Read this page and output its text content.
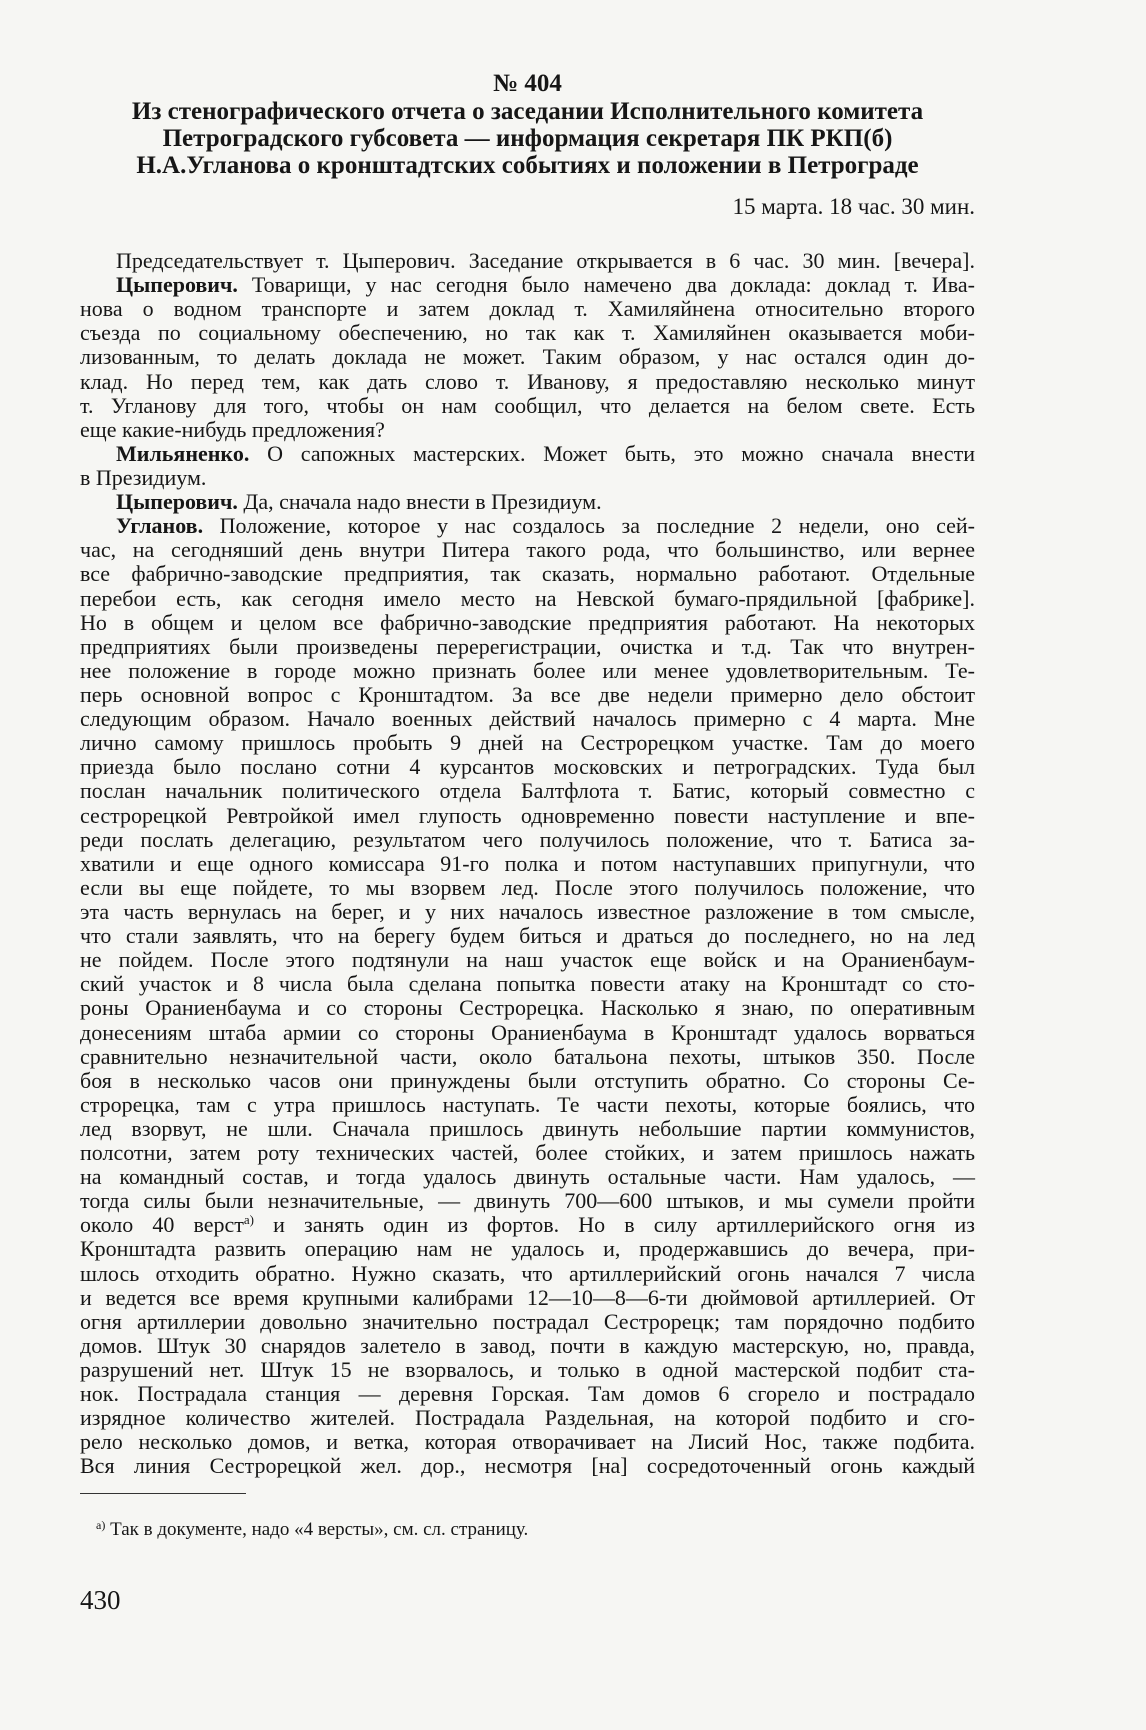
№ 404
Из стенографического отчета о заседании Исполнительного комитета
Петроградского губсовета — информация секретаря ПК РКП(б)
Н.А.Угланова о кронштадтских событиях и положении в Петрограде
15 марта. 18 час. 30 мин.
Председательствует т. Цыперович. Заседание открывается в 6 час. 30 мин. [вечера].
Цыперович. Товарищи, у нас сегодня было намечено два доклада: доклад т. Ива-
нова о водном транспорте и затем доклад т. Хамиляйнена относительно второго
съезда по социальному обеспечению, но так как т. Хамиляйнен оказывается моби-
лизованным, то делать доклада не может. Таким образом, у нас остался один до-
клад. Но перед тем, как дать слово т. Иванову, я предоставляю несколько минут
т. Угланову для того, чтобы он нам сообщил, что делается на белом свете. Есть
еще какие-нибудь предложения?
Мильяненко. О сапожных мастерских. Может быть, это можно сначала внести
в Президиум.
Цыперович. Да, сначала надо внести в Президиум.
Угланов. Положение, которое у нас создалось за последние 2 недели, оно сей-
час, на сегодняший день внутри Питера такого рода, что большинство, или вернее
все фабрично-заводские предприятия, так сказать, нормально работают. Отдельные
перебои есть, как сегодня имело место на Невской бумаго-прядильной [фабрике].
Но в общем и целом все фабрично-заводские предприятия работают. На некоторых
предприятиях были произведены перерегистрации, очистка и т.д. Так что внутрен-
нее положение в городе можно признать более или менее удовлетворительным. Те-
перь основной вопрос с Кронштадтом. За все две недели примерно дело обстоит
следующим образом. Начало военных действий началось примерно с 4 марта. Мне
лично самому пришлось пробыть 9 дней на Сестрорецком участке. Там до моего
приезда было послано сотни 4 курсантов московских и петроградских. Туда был
послан начальник политического отдела Балтфлота т. Батис, который совместно с
сестрорецкой Ревтройкой имел глупость одновременно повести наступление и впе-
реди послать делегацию, результатом чего получилось положение, что т. Батиса за-
хватили и еще одного комиссара 91-го полка и потом наступавших припугнули, что
если вы еще пойдете, то мы взорвем лед. После этого получилось положение, что
эта часть вернулась на берег, и у них началось известное разложение в том смысле,
что стали заявлять, что на берегу будем биться и драться до последнего, но на лед
не пойдем. После этого подтянули на наш участок еще войск и на Ораниенбаум-
ский участок и 8 числа была сделана попытка повести атаку на Кронштадт со сто-
роны Ораниенбаума и со стороны Сестрорецка. Насколько я знаю, по оперативным
донесениям штаба армии со стороны Ораниенбаума в Кронштадт удалось ворваться
сравнительно незначительной части, около батальона пехоты, штыков 350. После
боя в несколько часов они принуждены были отступить обратно. Со стороны Се-
строрецка, там с утра пришлось наступать. Те части пехоты, которые боялись, что
лед взорвут, не шли. Сначала пришлось двинуть небольшие партии коммунистов,
полсотни, затем роту технических частей, более стойких, и затем пришлось нажать
на командный состав, и тогда удалось двинуть остальные части. Нам удалось, —
тогда силы были незначительные, — двинуть 700—600 штыков, и мы сумели пройти
около 40 верст$^{а)}$ и занять один из фортов. Но в силу артиллерийского огня из
Кронштадта развить операцию нам не удалось и, продержавшись до вечера, при-
шлось отходить обратно. Нужно сказать, что артиллерийский огонь начался 7 числа
и ведется все время крупными калибрами 12—10—8—6-ти дюймовой артиллерией. От
огня артиллерии довольно значительно пострадал Сестрорецк; там порядочно подбито
домов. Штук 30 снарядов залетело в завод, почти в каждую мастерскую, но, правда,
разрушений нет. Штук 15 не взорвалось, и только в одной мастерской подбит ста-
нок. Пострадала станция — деревня Горская. Там домов 6 сгорело и пострадало
изрядное количество жителей. Пострадала Раздельная, на которой подбито и сго-
рело несколько домов, и ветка, которая отворачивает на Лисий Нос, также подбита.
Вся линия Сестрорецкой жел. дор., несмотря [на] сосредоточенный огонь каждый
$^{а)}$ Так в документе, надо «4 версты», см. сл. страницу.
430
